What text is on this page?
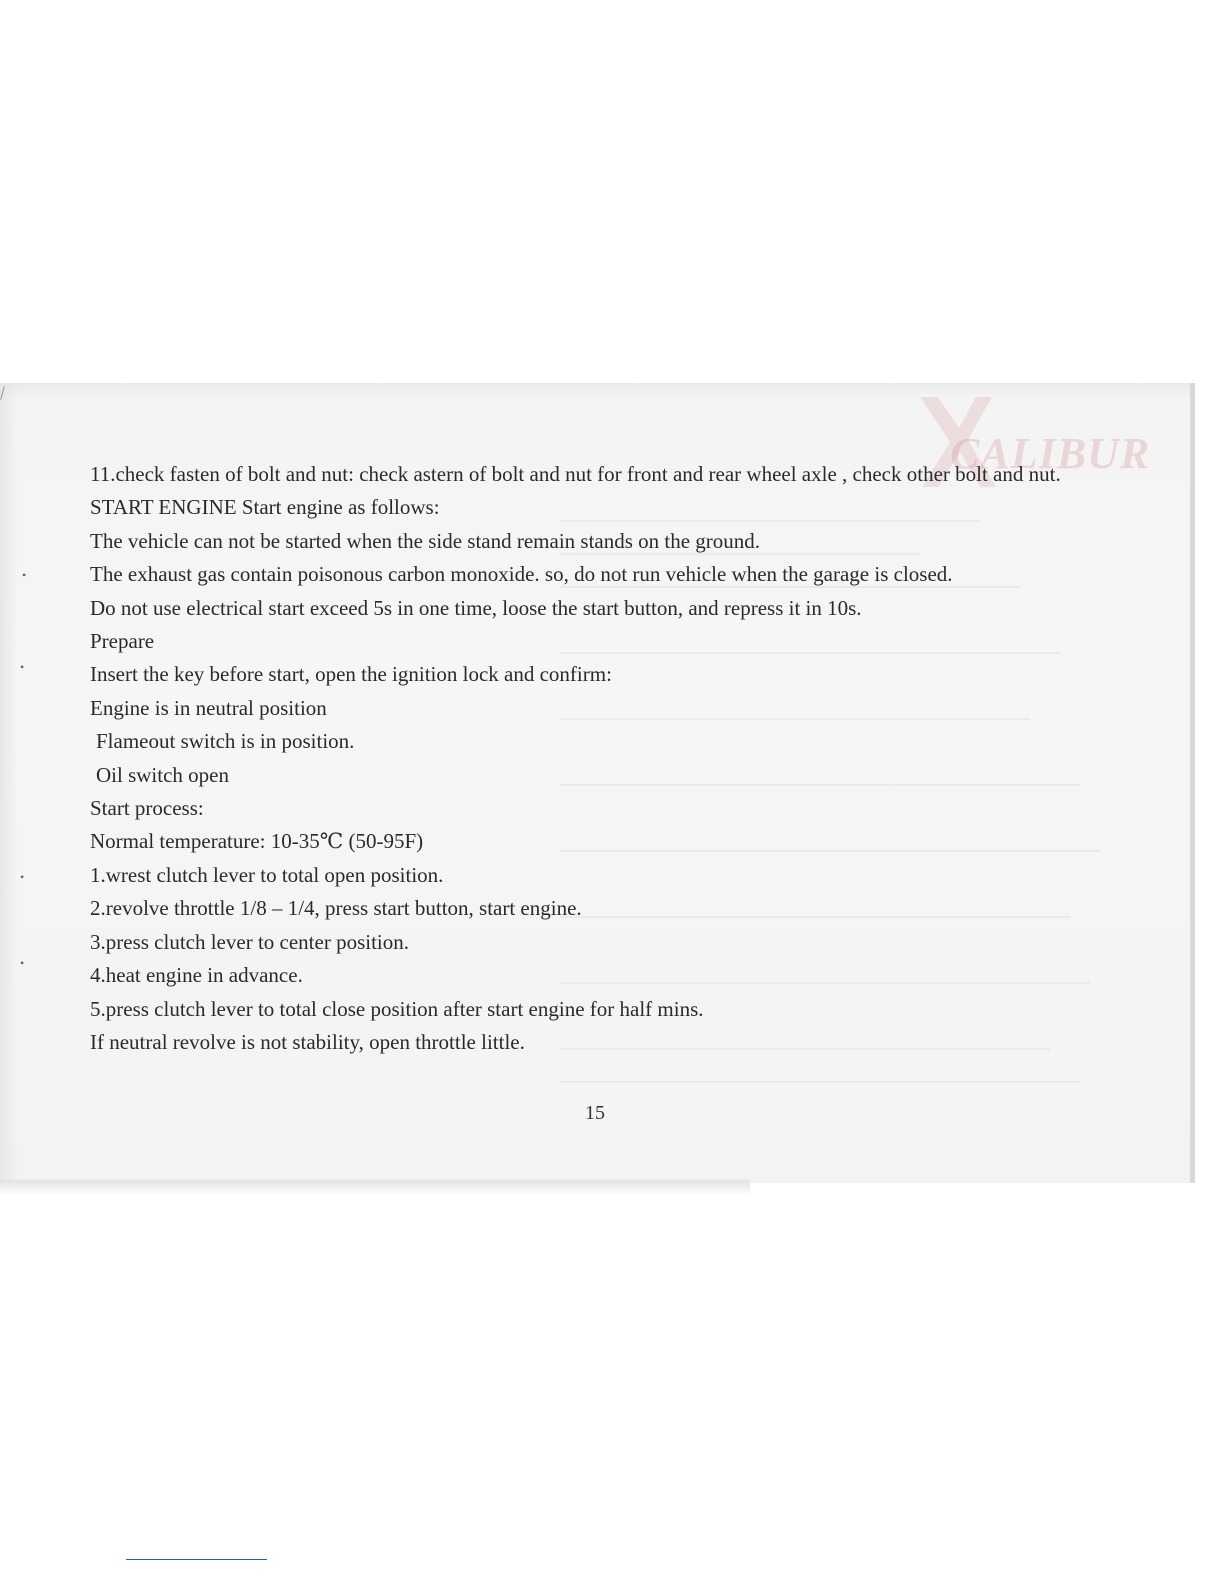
CALIBUR
•
•
•
•

11.check fasten of bolt and nut: check astern of bolt and nut for front and rear wheel axle , check other bolt and nut.

START ENGINE Start engine as follows:

The vehicle can not be started when the side stand remain stands on the ground.

The exhaust gas contain poisonous carbon monoxide. so, do not run vehicle when the garage is closed.

Do not use electrical start exceed 5s in one time, loose the start button, and repress it in 10s.

Prepare

Insert the key before start, open the ignition lock and confirm:

Engine is in neutral position

Flameout switch is in position.

Oil switch open

Start process:

Normal temperature: 10-35℃ (50-95F)

1.wrest clutch lever to total open position.

2.revolve throttle 1/8 – 1/4, press start button, start engine.

3.press clutch lever to center position.

4.heat engine in advance.

5.press clutch lever to total close position after start engine for half mins.

If neutral revolve is not stability, open throttle little.

15
